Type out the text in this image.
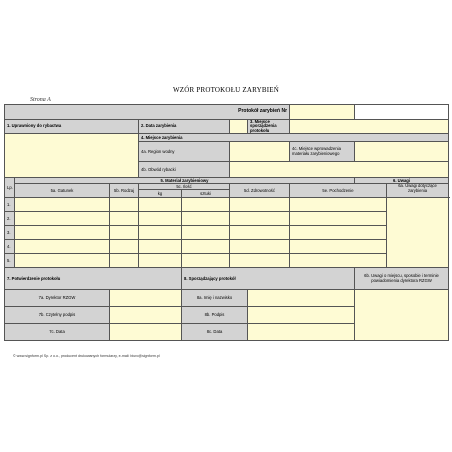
WZÓR PROTOKOŁU ZARYBIEŃ
Strona A
Protokół zarybień Nr									
1. Uprawniony do rybactwa			2. Data zarybienia			3. Miejsce sporządzenia protokołu			
			4. Miejsce zarybienia						
			4a. Region wodny				4c. Miejsce wprowadzenia materiału zarybieniowego		
			4b. Obwód rybacki						
Lp.	5. Materiał zarybieniowy							6. Uwagi	
	5a. Gatunek	5b. Rodzaj	5c. Ilość		5d. Zdrowotność		5e. Pochodzenie		6a. Uwagi dotyczące zarybienia
			kg	sztuki					
1.									
2.									
3.									
4.									
5.									
7. Potwierdzenie protokołu				8. Sporządzający protokół				6b. Uwagi o miejscu, sposobie i terminie powiadomienia dyrektora RZGW	
7a. Dyrektor RZGW				8a. Imię i nazwisko					
7b. Czytelny podpis				8b. Podpis					
7c. Data				8c. Data					
© www.signform.pl Sp. z o.o., producent drukowanych formularzy, e-mail: biuro@signform.pl
